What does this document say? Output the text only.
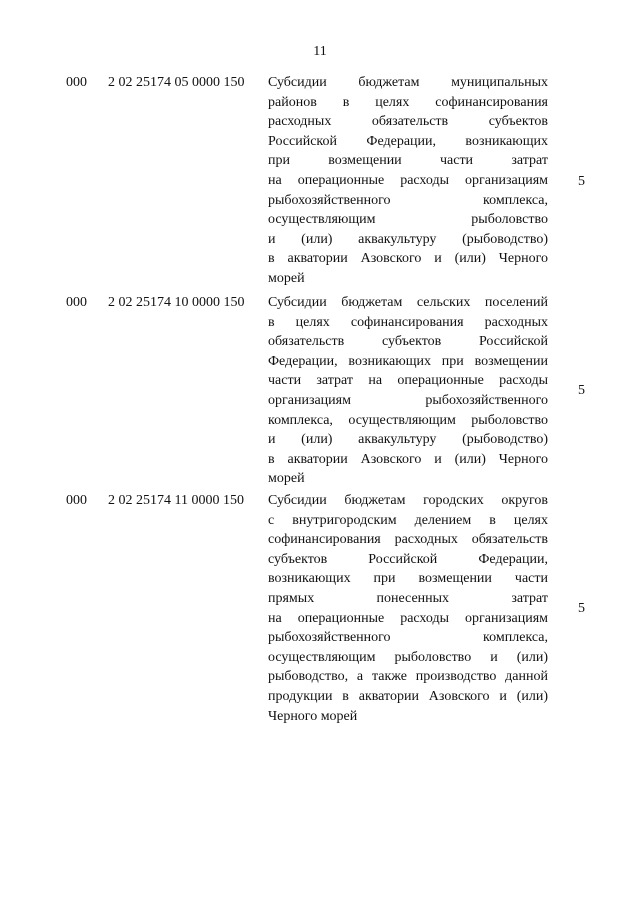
11
000 2 02 25174 05 0000 150 Субсидии бюджетам муниципальных
районов в целях софинансирования
расходных обязательств субъектов
Российской Федерации, возникающих
при возмещении части затрат
на операционные расходы организациям
рыбохозяйственного комплекса,
осуществляющим рыболовство
и (или) аквакультуру (рыбоводство)
в акватории Азовского и (или) Черного
морей
5
000 2 02 25174 10 0000 150 Субсидии бюджетам сельских поселений
в целях софинансирования расходных
обязательств субъектов Российской
Федерации, возникающих при возмещении
части затрат на операционные расходы
организациям рыбохозяйственного
комплекса, осуществляющим рыболовство
и (или) аквакультуру (рыбоводство)
в акватории Азовского и (или) Черного
морей
5
000 2 02 25174 11 0000 150 Субсидии бюджетам городских округов
с внутригородским делением в целях
софинансирования расходных обязательств
субъектов Российской Федерации,
возникающих при возмещении части
прямых понесенных затрат
на операционные расходы организациям
рыбохозяйственного комплекса,
осуществляющим рыболовство и (или)
рыбоводство, а также производство данной
продукции в акватории Азовского и (или)
Черного морей
5
